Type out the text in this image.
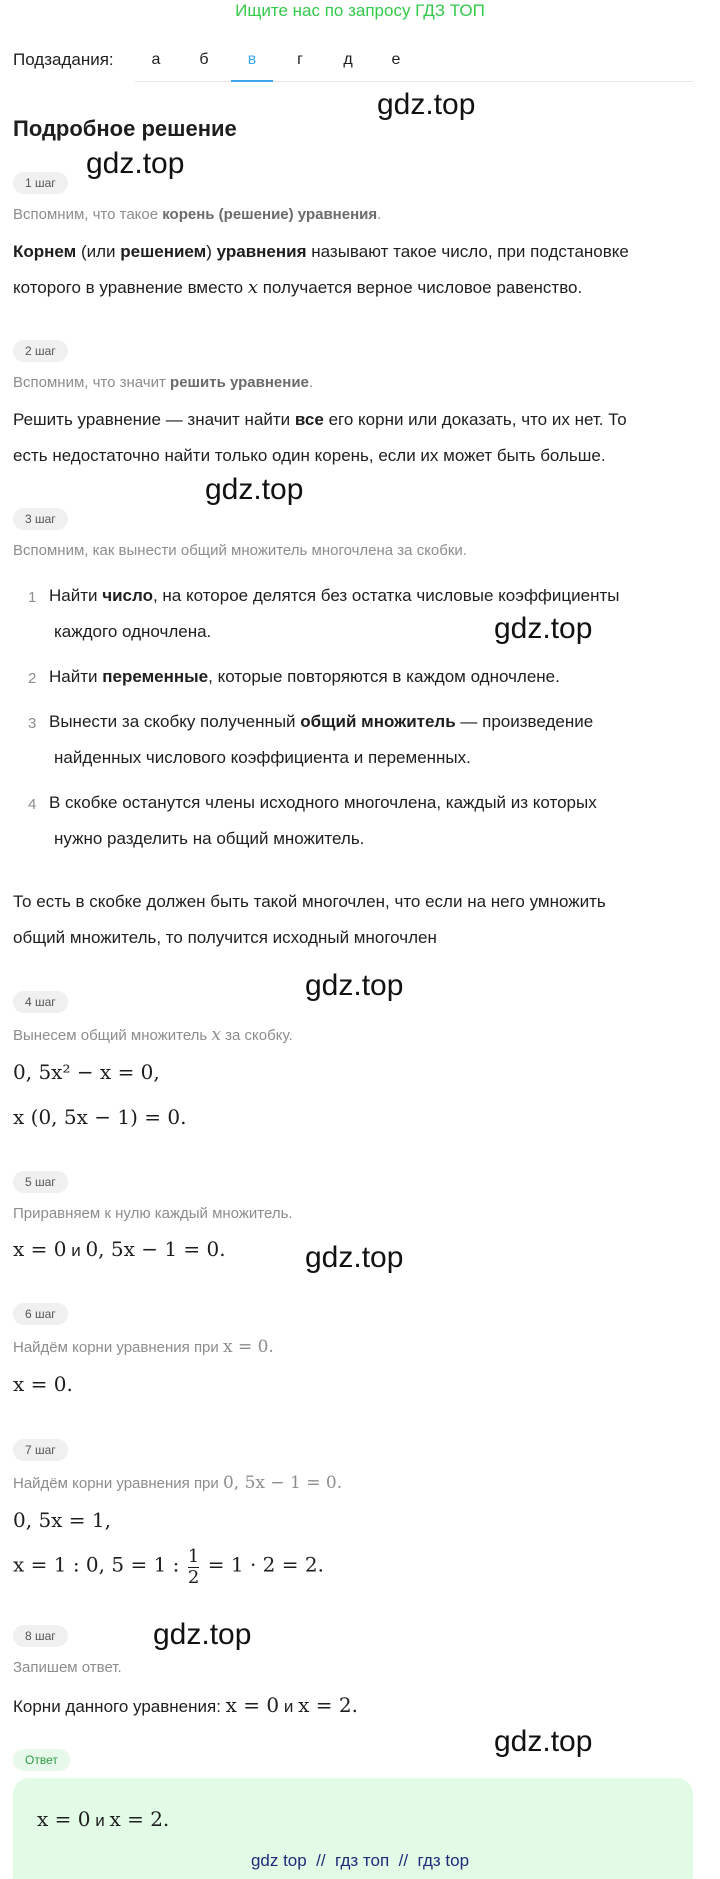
Ищите нас по запросу ГДЗ ТОП
Подзадания:	а	б	в	г	д	е
Подробное решение
gdz.top
gdz.top
gdz.top
gdz.top
gdz.top
gdz.top
gdz.top
gdz.top
1 шаг
Вспомним, что такое корень (решение) уравнения.
Корнем (или решением) уравнения называют такое число, при подстановке
которого в уравнение вместо x получается верное числовое равенство.
2 шаг
Вспомним, что значит решить уравнение.
Решить уравнение — значит найти все его корни или доказать, что их нет. То
есть недостаточно найти только один корень, если их может быть больше.
3 шаг
Вспомним, как вынести общий множитель многочлена за скобки.
1 Найти число, на которое делятся без остатка числовые коэффициенты
каждого одночлена.
2 Найти переменные, которые повторяются в каждом одночлене.
3 Вынести за скобку полученный общий множитель — произведение
найденных числового коэффициента и переменных.
4 В скобке останутся члены исходного многочлена, каждый из которых
нужно разделить на общий множитель.
То есть в скобке должен быть такой многочлен, что если на него умножить
общий множитель, то получится исходный многочлен
4 шаг
Вынесем общий множитель x за скобку.
0, 5x² − x = 0,
x (0, 5x − 1) = 0.
5 шаг
Приравняем к нулю каждый множитель.
x = 0 и 0, 5x − 1 = 0.
6 шаг
Найдём корни уравнения при x = 0.
x = 0.
7 шаг
Найдём корни уравнения при 0, 5x − 1 = 0.
0, 5x = 1,
x = 1 : 0, 5 = 1 : $\frac{1}{2} = 1 \cdot 2 = 2$.
8 шаг
Запишем ответ.
Корни данного уравнения: x = 0 и x = 2.
Ответ
x = 0 и x = 2.
gdz top  //  гдз топ  //  гдз top
